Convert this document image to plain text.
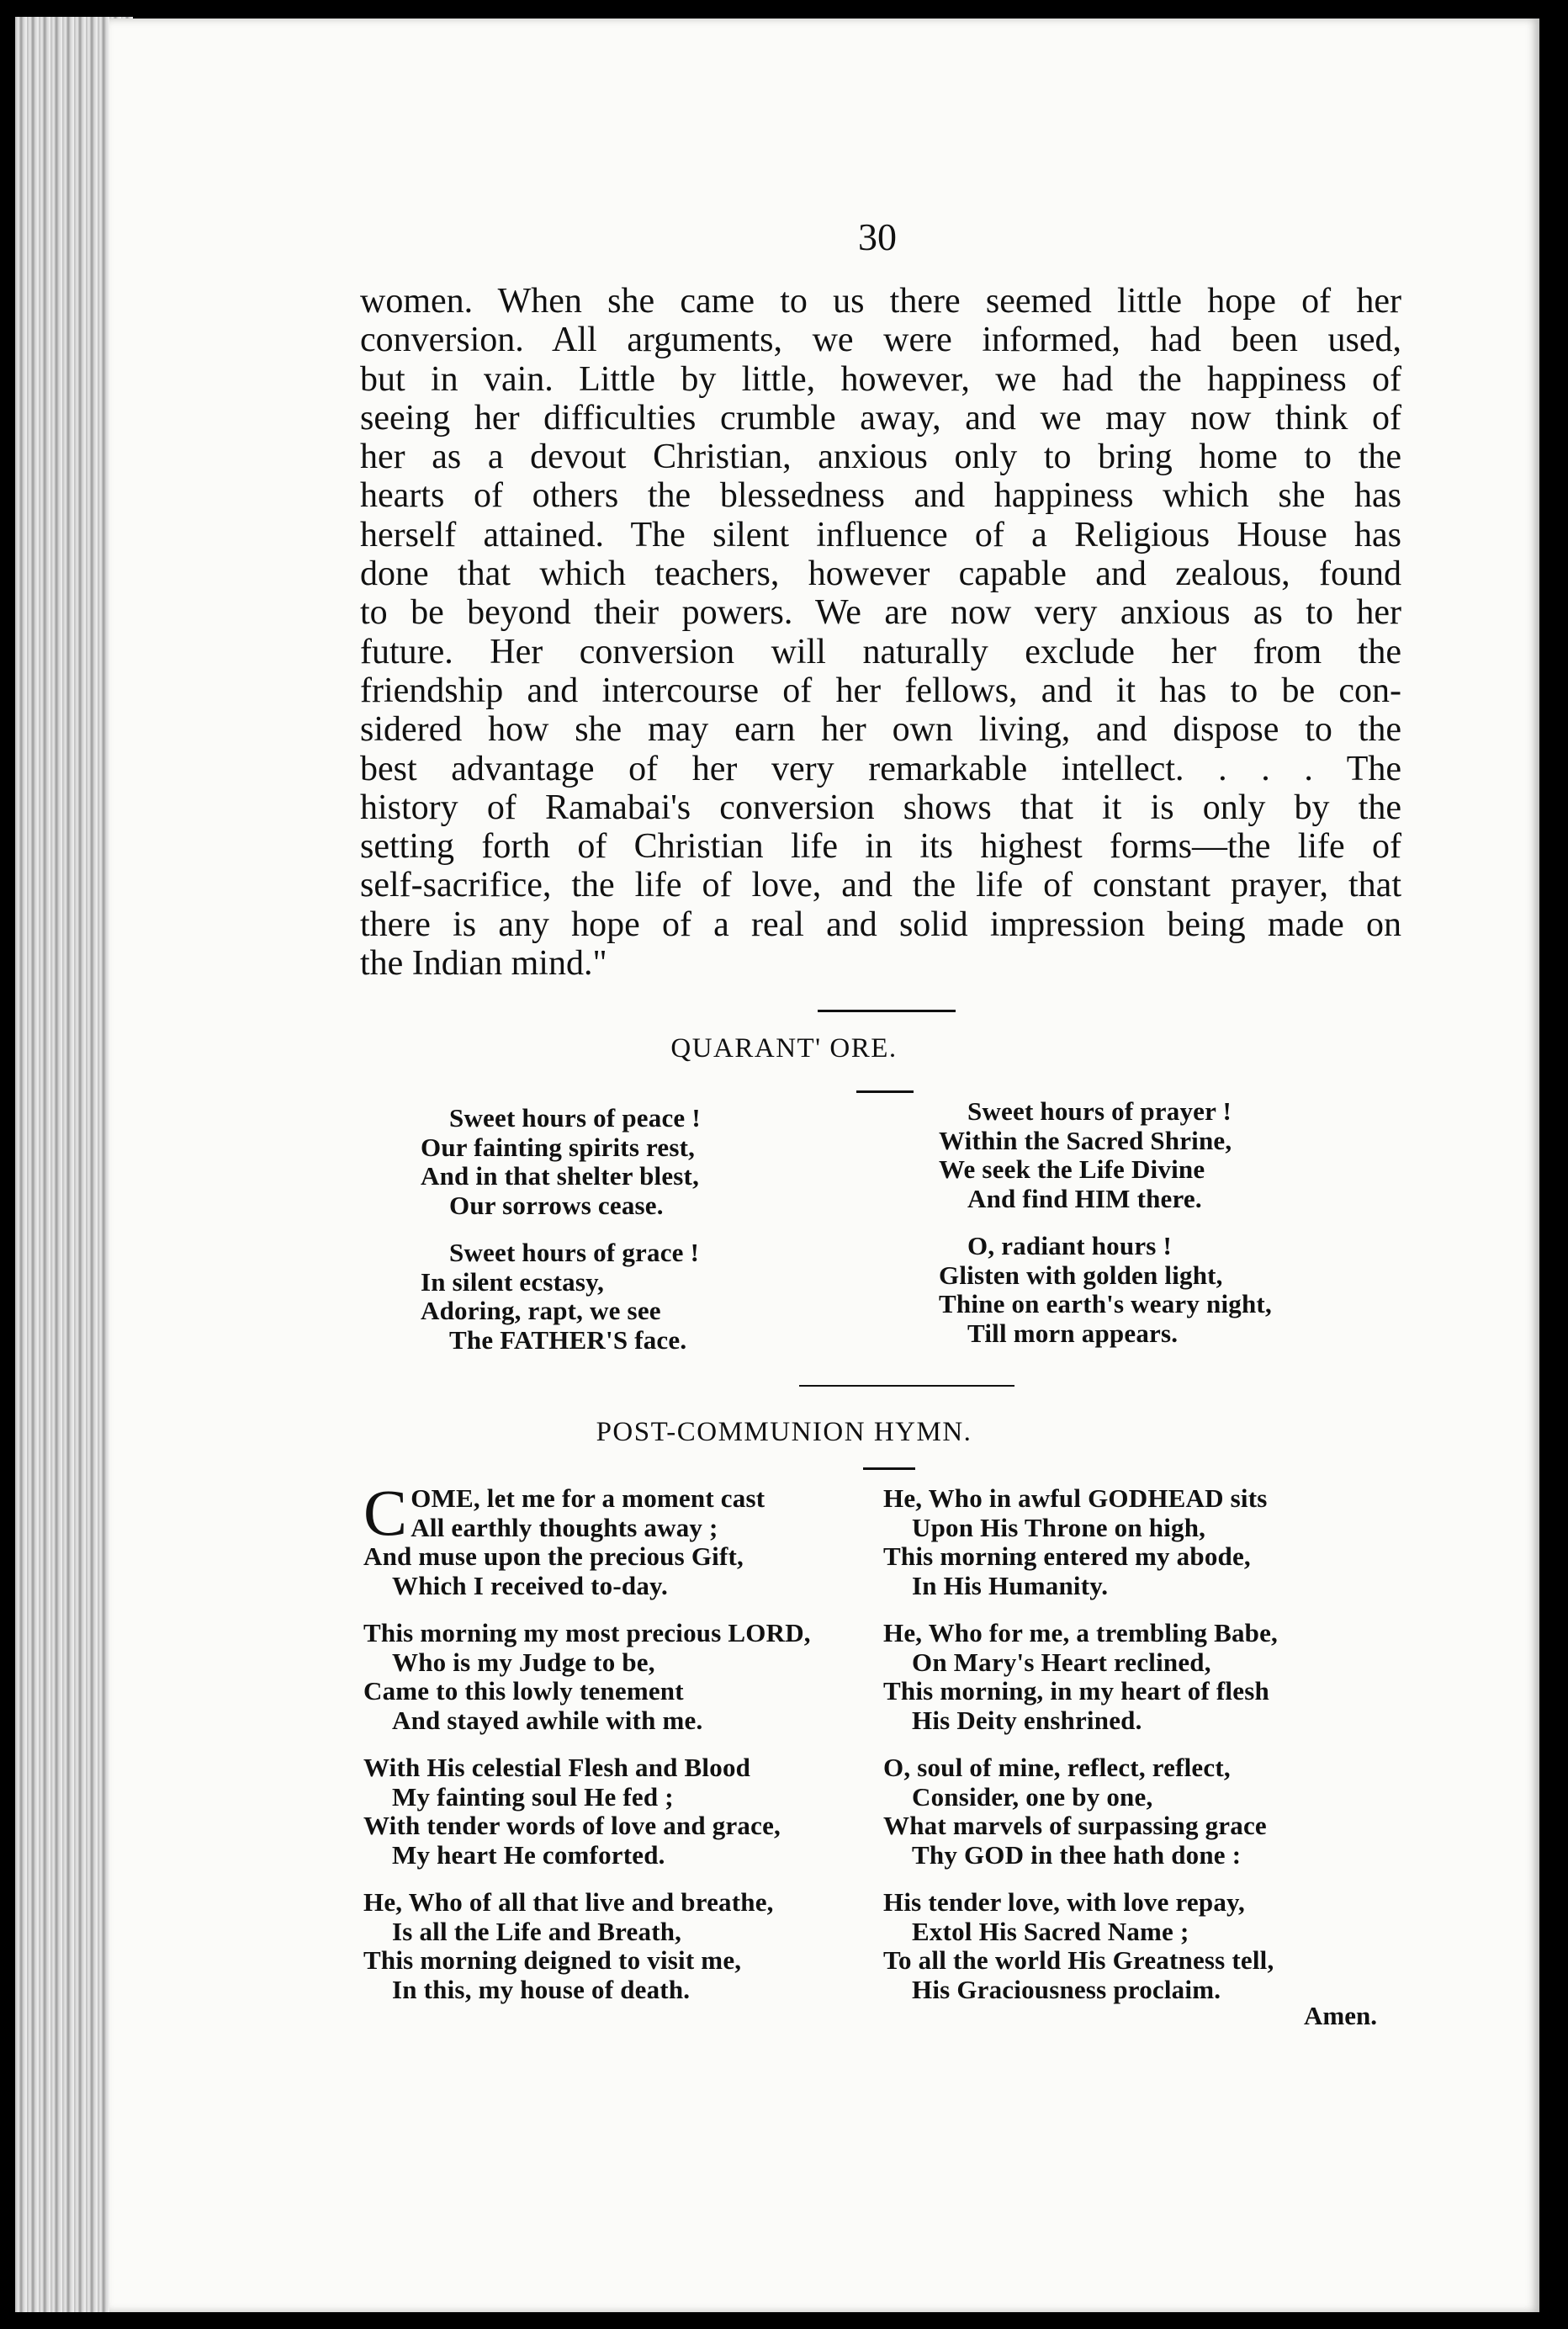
30
women. When she came to us there seemed little hope of her
conversion. All arguments, we were informed, had been used,
but in vain. Little by little, however, we had the happiness of
seeing her difficulties crumble away, and we may now think of
her as a devout Christian, anxious only to bring home to the
hearts of others the blessedness and happiness which she has
herself attained. The silent influence of a Religious House has
done that which teachers, however capable and zealous, found
to be beyond their powers. We are now very anxious as to her
future. Her conversion will naturally exclude her from the
friendship and intercourse of her fellows, and it has to be con-
sidered how she may earn her own living, and dispose to the
best advantage of her very remarkable intellect. . . . The
history of Ramabai's conversion shows that it is only by the
setting forth of Christian life in its highest forms—the life of
self-sacrifice, the life of love, and the life of constant prayer, that
there is any hope of a real and solid impression being made on
the Indian mind."
QUARANT' ORE.
Sweet hours of peace !
Our fainting spirits rest,
And in that shelter blest,
Our sorrows cease.
Sweet hours of grace !
In silent ecstasy,
Adoring, rapt, we see
The FATHER'S face.
Sweet hours of prayer !
Within the Sacred Shrine,
We seek the Life Divine
And find HIM there.
O, radiant hours !
Glisten with golden light,
Thine on earth's weary night,
Till morn appears.
POST-COMMUNION HYMN.
C OME, let me for a moment cast
All earthly thoughts away ;
And muse upon the precious Gift,
Which I received to-day.
This morning my most precious LORD,
Who is my Judge to be,
Came to this lowly tenement
And stayed awhile with me.
With His celestial Flesh and Blood
My fainting soul He fed ;
With tender words of love and grace,
My heart He comforted.
He, Who of all that live and breathe,
Is all the Life and Breath,
This morning deigned to visit me,
In this, my house of death.
He, Who in awful GODHEAD sits
Upon His Throne on high,
This morning entered my abode,
In His Humanity.
He, Who for me, a trembling Babe,
On Mary's Heart reclined,
This morning, in my heart of flesh
His Deity enshrined.
O, soul of mine, reflect, reflect,
Consider, one by one,
What marvels of surpassing grace
Thy GOD in thee hath done :
His tender love, with love repay,
Extol His Sacred Name ;
To all the world His Greatness tell,
His Graciousness proclaim.
Amen.
